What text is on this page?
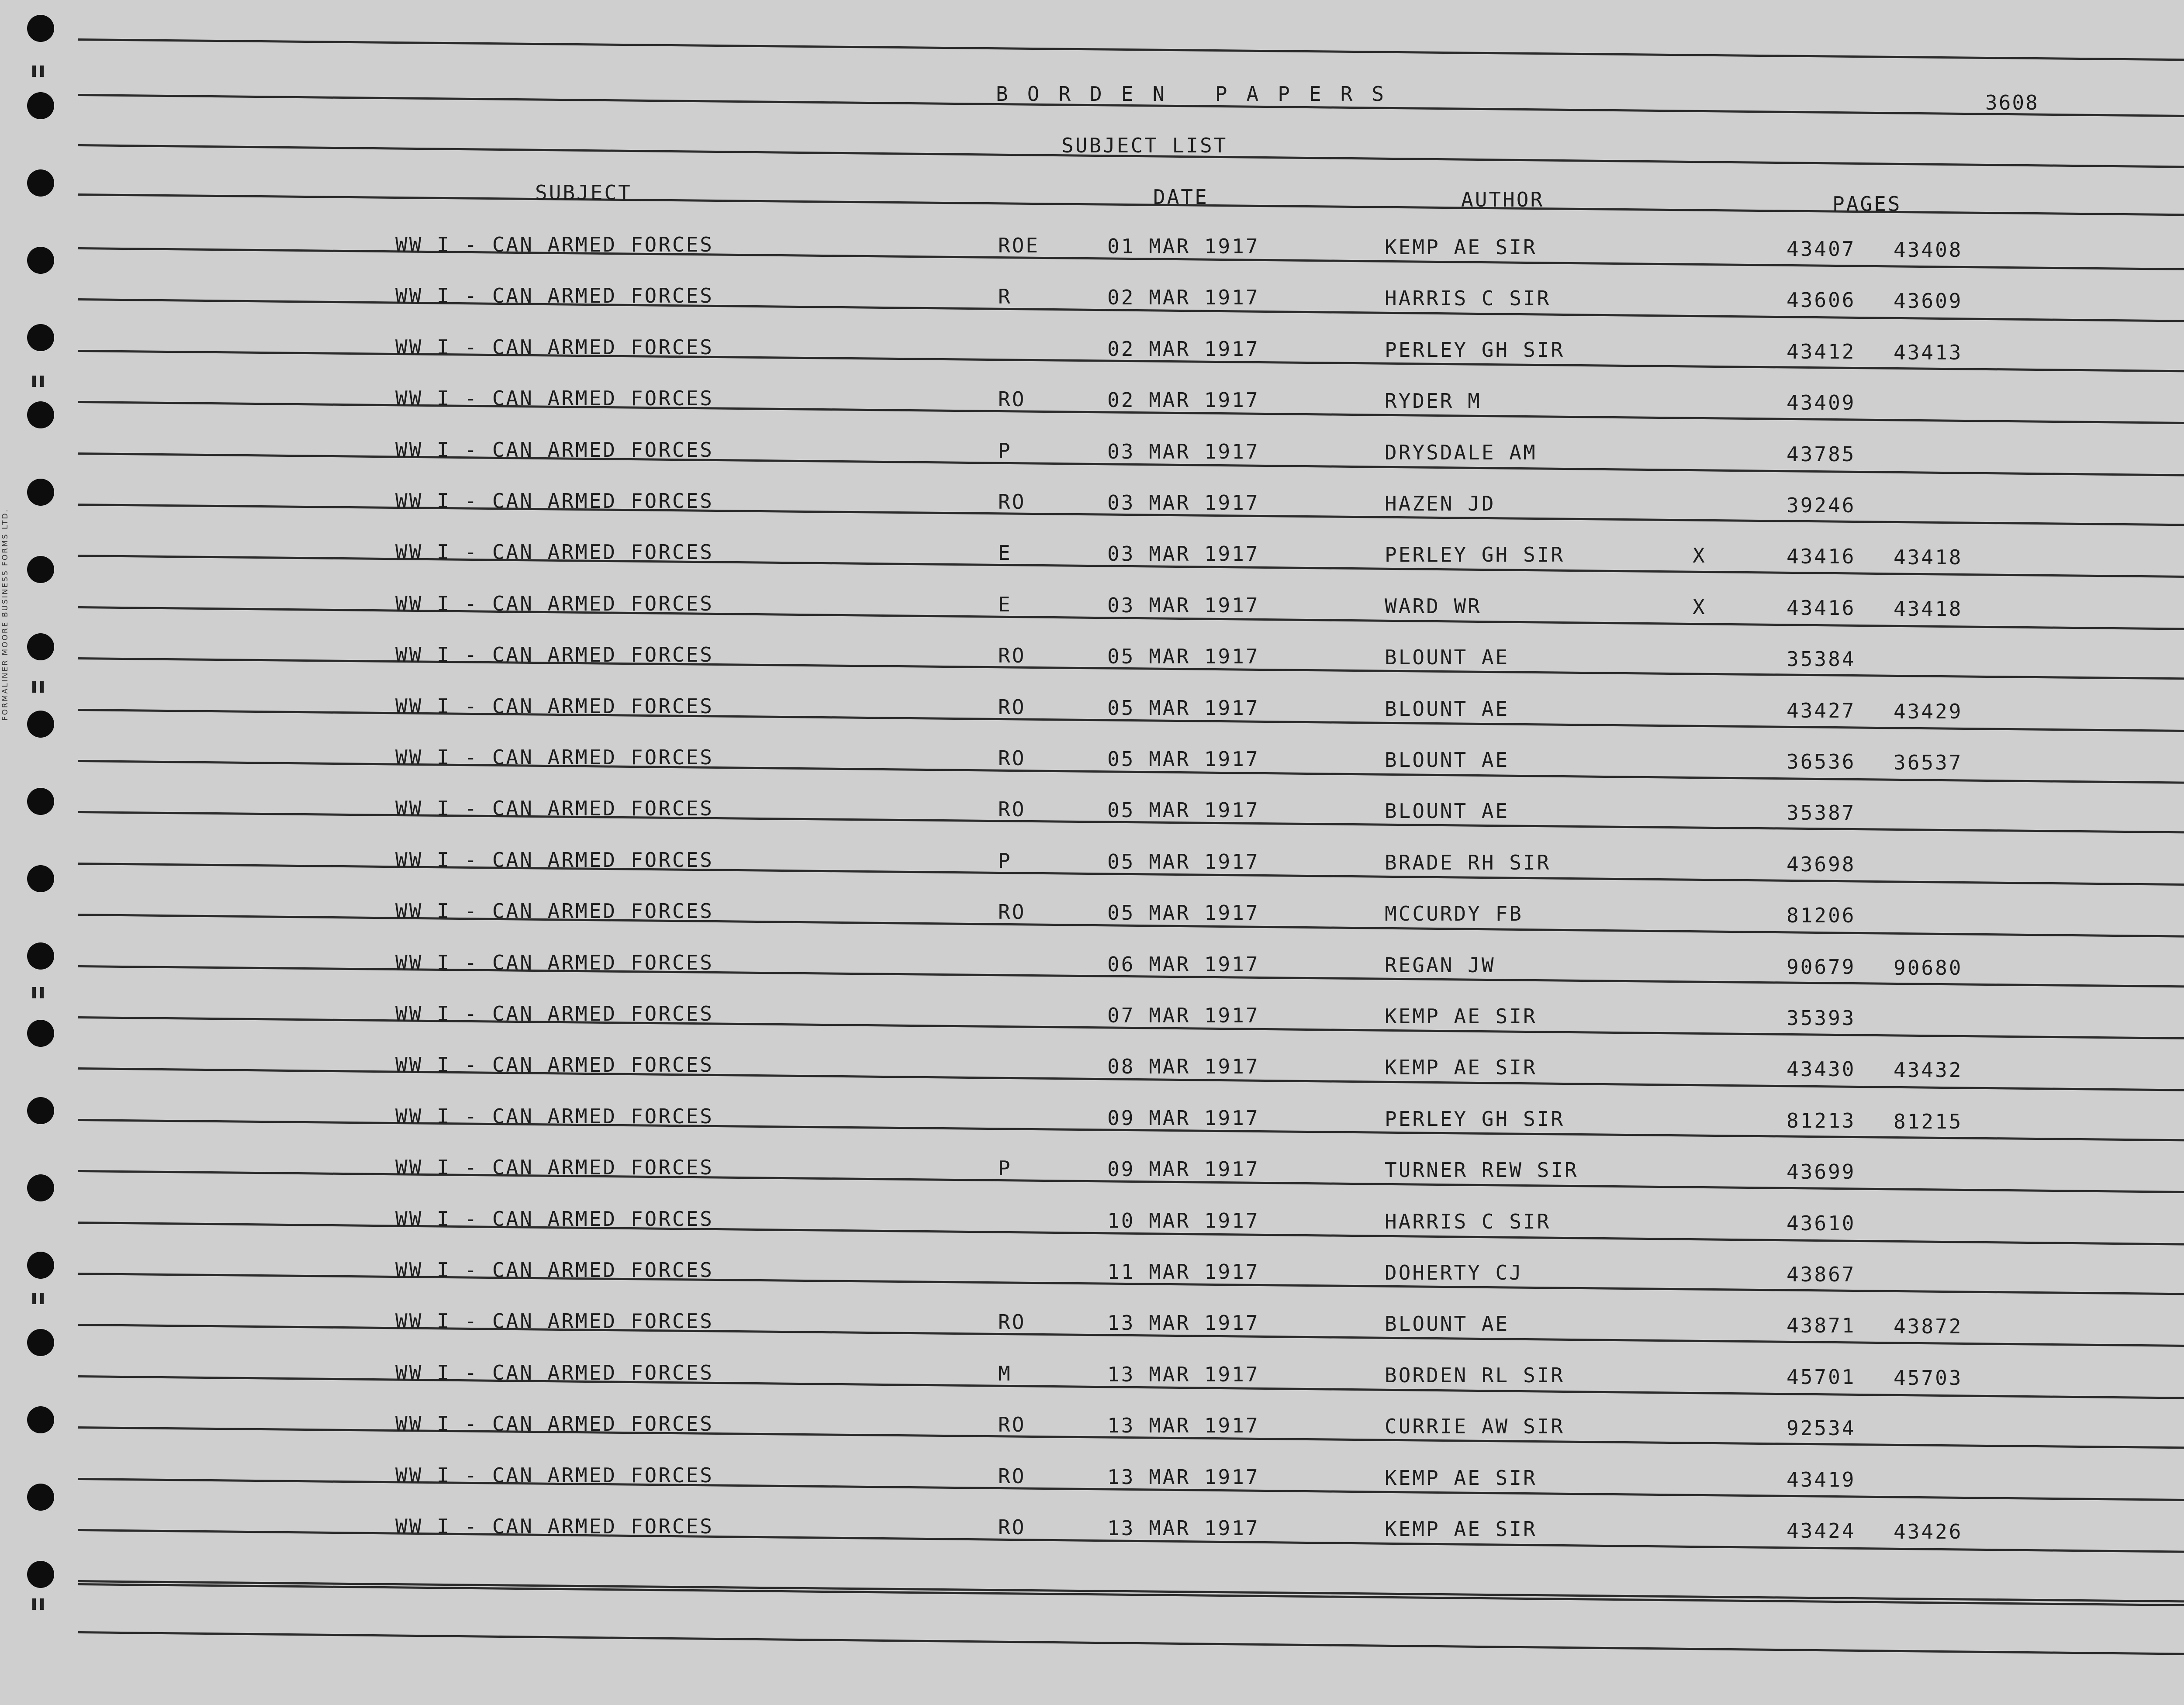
FORMALINER MOORE BUSINESS FORMS LTD.
BORDEN PAPERS	3608
SUBJECT LIST
SUBJECT	DATE	AUTHOR	PAGES
WW I - CAN ARMED FORCES	ROE	01 MAR 1917	KEMP AE SIR	43407 43408
WW I - CAN ARMED FORCES	R	02 MAR 1917	HARRIS C SIR	43606 43609
WW I - CAN ARMED FORCES	02 MAR 1917	PERLEY GH SIR	43412 43413
WW I - CAN ARMED FORCES	RO	02 MAR 1917	RYDER M	43409
WW I - CAN ARMED FORCES	P	03 MAR 1917	DRYSDALE AM	43785
WW I - CAN ARMED FORCES	RO	03 MAR 1917	HAZEN JD	39246
WW I - CAN ARMED FORCES	E	03 MAR 1917	PERLEY GH SIR	X	43416 43418
WW I - CAN ARMED FORCES	E	03 MAR 1917	WARD WR	X	43416 43418
WW I - CAN ARMED FORCES	RO	05 MAR 1917	BLOUNT AE	35384
WW I - CAN ARMED FORCES	RO	05 MAR 1917	BLOUNT AE	43427 43429
WW I - CAN ARMED FORCES	RO	05 MAR 1917	BLOUNT AE	36536 36537
WW I - CAN ARMED FORCES	RO	05 MAR 1917	BLOUNT AE	35387
WW I - CAN ARMED FORCES	P	05 MAR 1917	BRADE RH SIR	43698
WW I - CAN ARMED FORCES	RO	05 MAR 1917	MCCURDY FB	81206
WW I - CAN ARMED FORCES	06 MAR 1917	REGAN JW	90679 90680
WW I - CAN ARMED FORCES	07 MAR 1917	KEMP AE SIR	35393
WW I - CAN ARMED FORCES	08 MAR 1917	KEMP AE SIR	43430 43432
WW I - CAN ARMED FORCES	09 MAR 1917	PERLEY GH SIR	81213 81215
WW I - CAN ARMED FORCES	P	09 MAR 1917	TURNER REW SIR	43699
WW I - CAN ARMED FORCES	10 MAR 1917	HARRIS C SIR	43610
WW I - CAN ARMED FORCES	11 MAR 1917	DOHERTY CJ	43867
WW I - CAN ARMED FORCES	RO	13 MAR 1917	BLOUNT AE	43871 43872
WW I - CAN ARMED FORCES	M	13 MAR 1917	BORDEN RL SIR	45701 45703
WW I - CAN ARMED FORCES	RO	13 MAR 1917	CURRIE AW SIR	92534
WW I - CAN ARMED FORCES	RO	13 MAR 1917	KEMP AE SIR	43419
WW I - CAN ARMED FORCES	RO	13 MAR 1917	KEMP AE SIR	43424 43426
